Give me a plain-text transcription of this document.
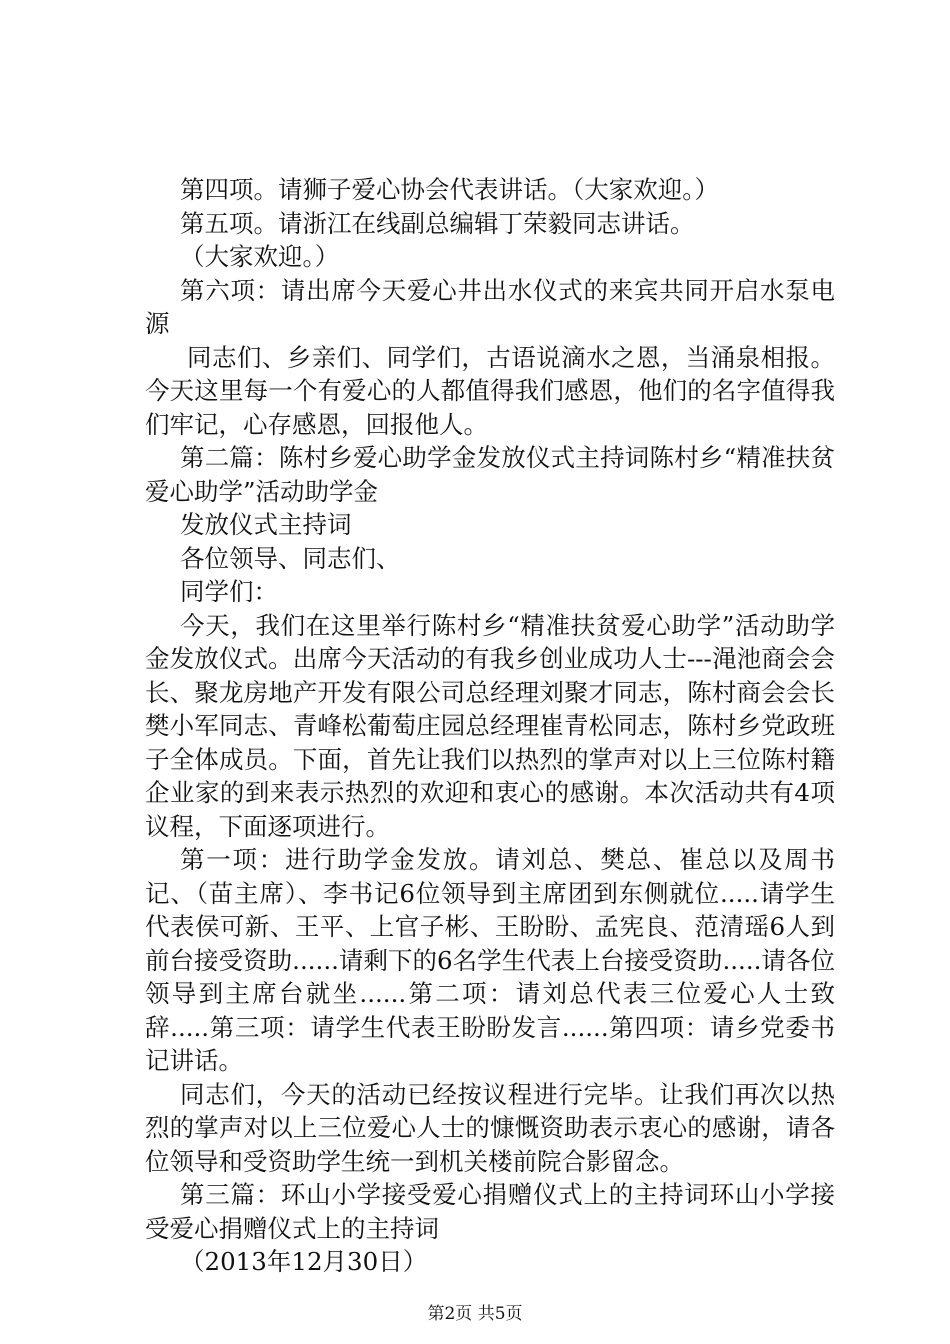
第四项。请狮子爱心协会代表讲话。（大家欢迎。）

第五项。请浙江在线副总编辑丁荣毅同志讲话。

（大家欢迎。）

第六项：请出席今天爱心井出水仪式的来宾共同开启水泵电源

同志们、乡亲们、同学们，古语说滴水之恩，当涌泉相报。今天这里每一个有爱心的人都值得我们感恩，他们的名字值得我们牢记，心存感恩，回报他人。

第二篇：陈村乡爱心助学金发放仪式主持词陈村乡“精准扶贫爱心助学”活动助学金

发放仪式主持词

各位领导、同志们、

同学们：

今天，我们在这里举行陈村乡“精准扶贫爱心助学”活动助学金发放仪式。出席今天活动的有我乡创业成功人士---渑池商会会长、聚龙房地产开发有限公司总经理刘聚才同志，陈村商会会长樊小军同志、青峰松葡萄庄园总经理崔青松同志，陈村乡党政班子全体成员。下面，首先让我们以热烈的掌声对以上三位陈村籍企业家的到来表示热烈的欢迎和衷心的感谢。本次活动共有4项议程，下面逐项进行。

第一项：进行助学金发放。请刘总、樊总、崔总以及周书记、（苗主席）、李书记6位领导到主席团到东侧就位.....请学生代表侯可新、王平、上官子彬、王盼盼、孟宪良、范清瑶6人到前台接受资助......请剩下的6名学生代表上台接受资助.....请各位领导到主席台就坐......第二项：请刘总代表三位爱心人士致辞.....第三项：请学生代表王盼盼发言......第四项：请乡党委书记讲话。

同志们，今天的活动已经按议程进行完毕。让我们再次以热烈的掌声对以上三位爱心人士的慷慨资助表示衷心的感谢，请各位领导和受资助学生统一到机关楼前院合影留念。

第三篇：环山小学接受爱心捐赠仪式上的主持词环山小学接受爱心捐赠仪式上的主持词

（2013年12月30日）

第2页 共5页
